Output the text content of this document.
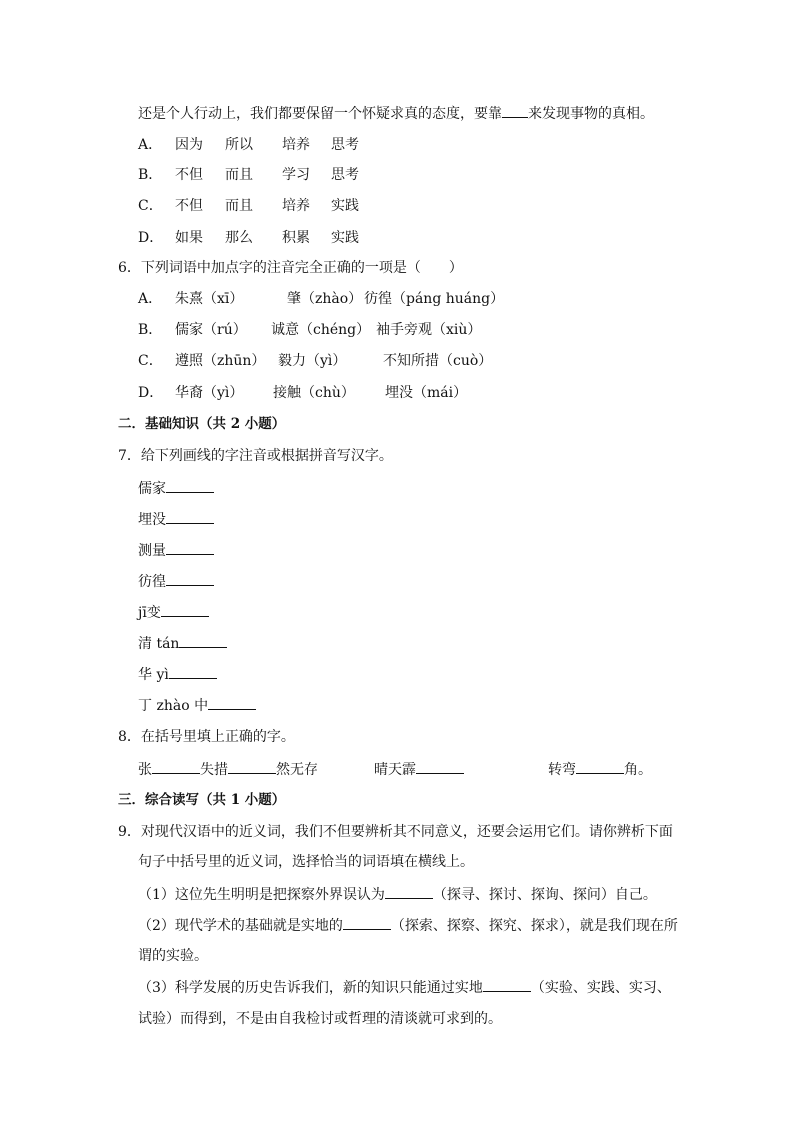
还是个人行动上，我们都要保留一个怀疑求真的态度，要靠 来发现事物的真相。
A． 因为 所以 培养 思考
B． 不但 而且 学习 思考
C． 不但 而且 培养 实践
D． 如果 那么 积累 实践
6．下列词语中加点字的注音完全正确的一项是（　　）
A． 朱熹（xī）	肇（zhào） 彷徨（páng huáng）
B． 儒家（rú） 诚意（chéng） 袖手旁观（xiù）
C． 遵照（zhūn） 毅力（yì）	不知所措（cuò）
D． 华裔（yì） 接触（chù） 埋没（mái）
二．基础知识（共 2 小题）
7．给下列画线的字注音或根据拼音写汉字。
儒家
埋没
测量
彷徨
jī变
清 tán
华 yì
丁 zhào 中
8．在括号里填上正确的字。
张	失措	然无存	晴天霹	转弯	角。
三．综合读写（共 1 小题）
9．对现代汉语中的近义词，我们不但要辨析其不同意义，还要会运用它们。请你辨析下面
句子中括号里的近义词，选择恰当的词语填在横线上。
（1）这位先生明明是把探察外界误认为	（探寻、探讨、探询、探问）自己。
（2）现代学术的基础就是实地的	（探索、探察、探究、探求），就是我们现在所
谓的实验。
（3）科学发展的历史告诉我们，新的知识只能通过实地	（实验、实践、实习、
试验）而得到，不是由自我检讨或哲理的清谈就可求到的。
